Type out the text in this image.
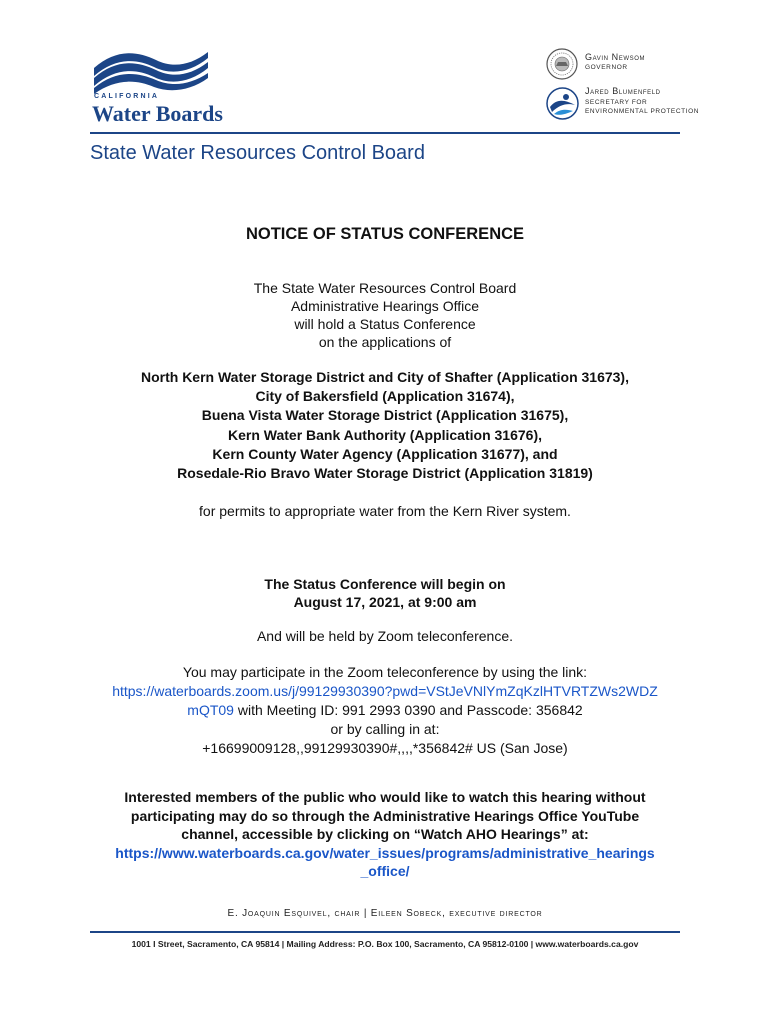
CALIFORNIA
Water Boards
Gavin Newsom
GOVERNOR
Jared Blumenfeld
SECRETARY FOR
ENVIRONMENTAL PROTECTION
State Water Resources Control Board
NOTICE OF STATUS CONFERENCE
The State Water Resources Control Board
Administrative Hearings Office
will hold a Status Conference
on the applications of
North Kern Water Storage District and City of Shafter (Application 31673),
City of Bakersfield (Application 31674),
Buena Vista Water Storage District (Application 31675),
Kern Water Bank Authority (Application 31676),
Kern County Water Agency (Application 31677), and
Rosedale-Rio Bravo Water Storage District (Application 31819)
for permits to appropriate water from the Kern River system.
The Status Conference will begin on
August 17, 2021, at 9:00 am
And will be held by Zoom teleconference.
You may participate in the Zoom teleconference by using the link:
https://waterboards.zoom.us/j/99129930390?pwd=VStJeVNlYmZqKzlHTVRTZWs2WDZ
mQT09 with Meeting ID: 991 2993 0390 and Passcode: 356842
or by calling in at:
+16699009128,,99129930390#,,,,*356842# US (San Jose)
Interested members of the public who would like to watch this hearing without
participating may do so through the Administrative Hearings Office YouTube
channel, accessible by clicking on “Watch AHO Hearings” at:
https://www.waterboards.ca.gov/water_issues/programs/administrative_hearings
_office/
E. Joaquin Esquivel, chair | Eileen Sobeck, executive director
1001 I Street, Sacramento, CA 95814 | Mailing Address: P.O. Box 100, Sacramento, CA 95812-0100 | www.waterboards.ca.gov
